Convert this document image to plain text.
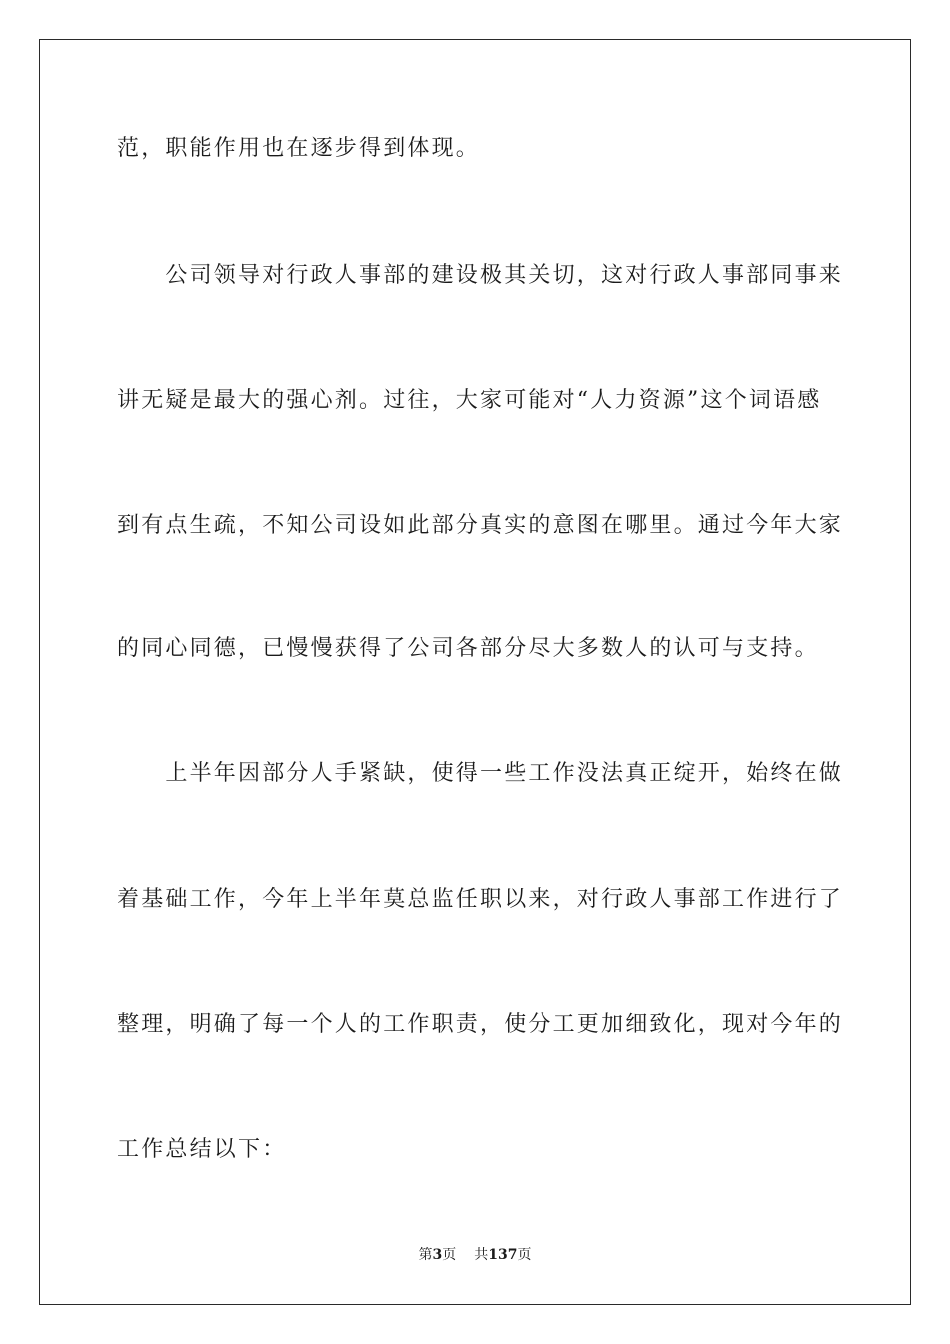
范，职能作用也在逐步得到体现。
　　公司领导对行政人事部的建设极其关切，这对行政人事部同事来
讲无疑是最大的强心剂。过往，大家可能对“人力资源”这个词语感
到有点生疏，不知公司设如此部分真实的意图在哪里。通过今年大家
的同心同德，已慢慢获得了公司各部分尽大多数人的认可与支持。
　　上半年因部分人手紧缺，使得一些工作没法真正绽开，始终在做
着基础工作，今年上半年莫总监任职以来，对行政人事部工作进行了
整理，明确了每一个人的工作职责，使分工更加细致化，现对今年的
工作总结以下：
第3页 共137页
